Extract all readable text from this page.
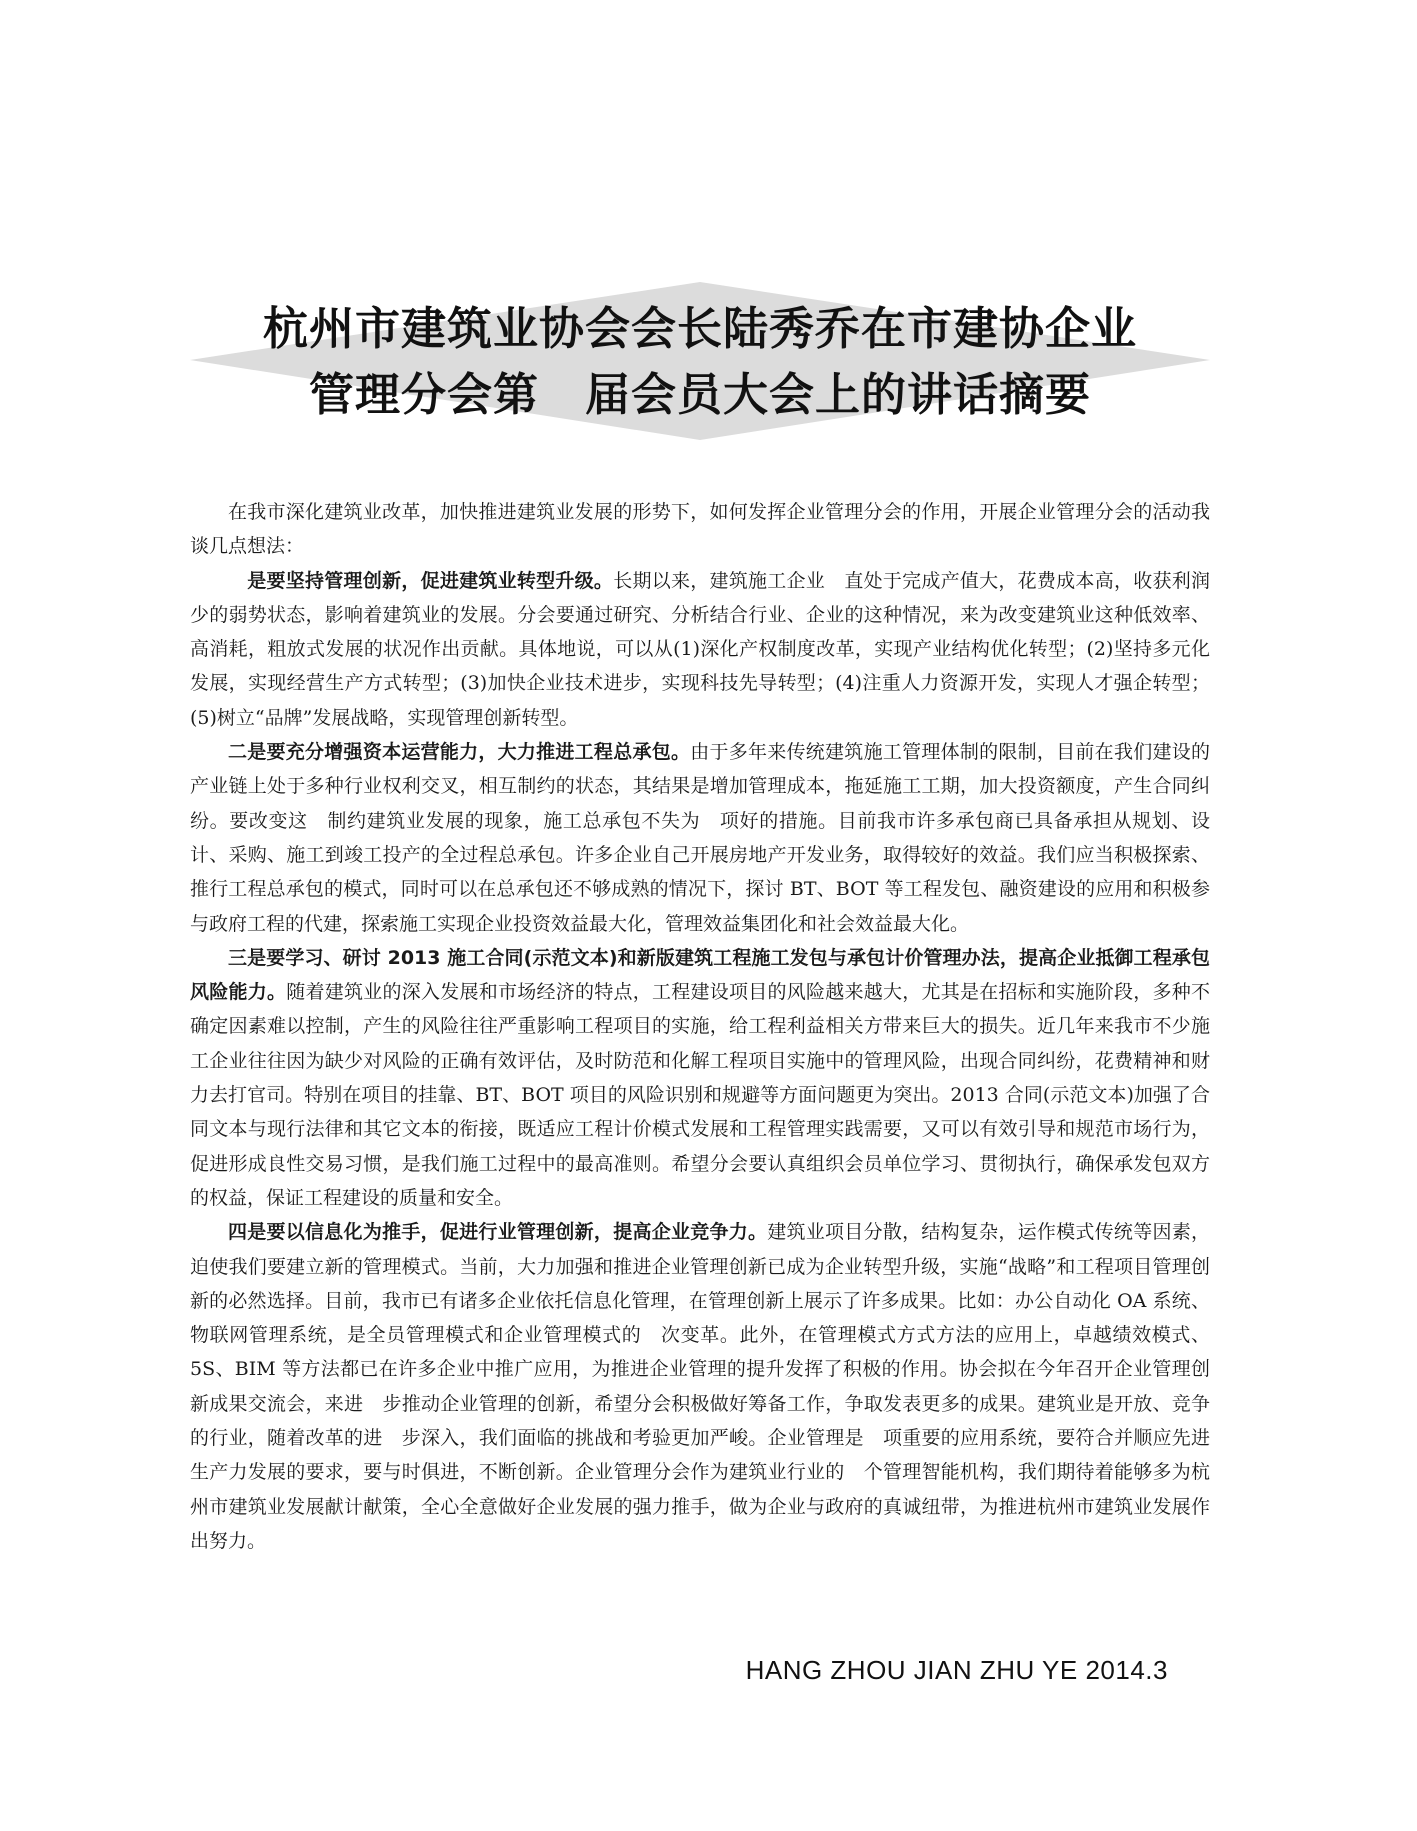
杭州市建筑业协会会长陆秀乔在市建协企业
管理分会第　届会员大会上的讲话摘要

在我市深化建筑业改革，加快推进建筑业发展的形势下，如何发挥企业管理分会的作用，开展企业管理分会的活动我谈几点想法：

　是要坚持管理创新，促进建筑业转型升级。长期以来，建筑施工企业　直处于完成产值大，花费成本高，收获利润少的弱势状态，影响着建筑业的发展。分会要通过研究、分析结合行业、企业的这种情况，来为改变建筑业这种低效率、高消耗，粗放式发展的状况作出贡献。具体地说，可以从(1)深化产权制度改革，实现产业结构优化转型；(2)坚持多元化发展，实现经营生产方式转型；(3)加快企业技术进步，实现科技先导转型；(4)注重人力资源开发，实现人才强企转型；(5)树立“品牌”发展战略，实现管理创新转型。

二是要充分增强资本运营能力，大力推进工程总承包。由于多年来传统建筑施工管理体制的限制，目前在我们建设的产业链上处于多种行业权利交叉，相互制约的状态，其结果是增加管理成本，拖延施工工期，加大投资额度，产生合同纠纷。要改变这　制约建筑业发展的现象，施工总承包不失为　项好的措施。目前我市许多承包商已具备承担从规划、设计、采购、施工到竣工投产的全过程总承包。许多企业自己开展房地产开发业务，取得较好的效益。我们应当积极探索、推行工程总承包的模式，同时可以在总承包还不够成熟的情况下，探讨 BT、BOT 等工程发包、融资建设的应用和积极参与政府工程的代建，探索施工实现企业投资效益最大化，管理效益集团化和社会效益最大化。

三是要学习、研讨 2013 施工合同(示范文本)和新版建筑工程施工发包与承包计价管理办法，提高企业抵御工程承包风险能力。随着建筑业的深入发展和市场经济的特点，工程建设项目的风险越来越大，尤其是在招标和实施阶段，多种不确定因素难以控制，产生的风险往往严重影响工程项目的实施，给工程利益相关方带来巨大的损失。近几年来我市不少施工企业往往因为缺少对风险的正确有效评估，及时防范和化解工程项目实施中的管理风险，出现合同纠纷，花费精神和财力去打官司。特别在项目的挂靠、BT、BOT 项目的风险识别和规避等方面问题更为突出。2013 合同(示范文本)加强了合同文本与现行法律和其它文本的衔接，既适应工程计价模式发展和工程管理实践需要，又可以有效引导和规范市场行为，促进形成良性交易习惯，是我们施工过程中的最高准则。希望分会要认真组织会员单位学习、贯彻执行，确保承发包双方的权益，保证工程建设的质量和安全。

四是要以信息化为推手，促进行业管理创新，提高企业竞争力。建筑业项目分散，结构复杂，运作模式传统等因素，迫使我们要建立新的管理模式。当前，大力加强和推进企业管理创新已成为企业转型升级，实施“战略”和工程项目管理创新的必然选择。目前，我市已有诸多企业依托信息化管理，在管理创新上展示了许多成果。比如：办公自动化 OA 系统、物联网管理系统，是全员管理模式和企业管理模式的　次变革。此外，在管理模式方式方法的应用上，卓越绩效模式、5S、BIM 等方法都已在许多企业中推广应用，为推进企业管理的提升发挥了积极的作用。协会拟在今年召开企业管理创新成果交流会，来进　步推动企业管理的创新，希望分会积极做好筹备工作，争取发表更多的成果。建筑业是开放、竞争的行业，随着改革的进　步深入，我们面临的挑战和考验更加严峻。企业管理是　项重要的应用系统，要符合并顺应先进生产力发展的要求，要与时俱进，不断创新。企业管理分会作为建筑业行业的　个管理智能机构，我们期待着能够多为杭州市建筑业发展献计献策，全心全意做好企业发展的强力推手，做为企业与政府的真诚纽带，为推进杭州市建筑业发展作出努力。

HANG ZHOU JIAN ZHU YE 2014.3
